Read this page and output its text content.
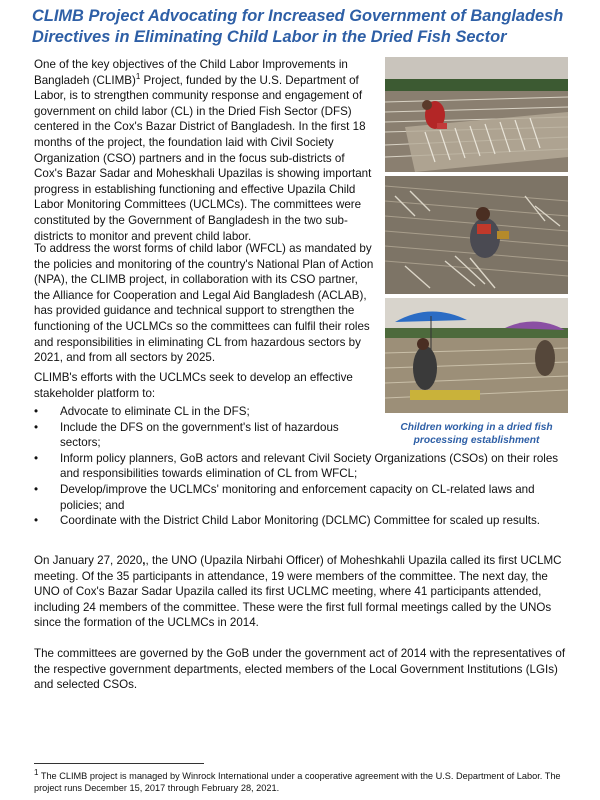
CLIMB Project Advocating for Increased Government of Bangladesh Directives in Eliminating Child Labor in the Dried Fish Sector

One of the key objectives of the Child Labor Improvements in Bangladeh (CLIMB)$^1$ Project, funded by the U.S. Department of Labor, is to strengthen community response and engagement of government on child labor (CL) in the Dried Fish Sector (DFS) centered in the Cox's Bazar District of Bangladesh. In the first 18 months of the project, the foundation laid with Civil Society Organization (CSO) partners and in the focus sub-districts of Cox's Bazar Sadar and Moheskhali Upazilas is showing important progress in establishing functioning and effective Upazila Child Labor Monitoring Committees (UCLMCs). The committees were constituted by the Government of Bangladesh in the two sub-districts to monitor and prevent child labor.

To address the worst forms of child labor (WFCL) as mandated by the policies and monitoring of the country's National Plan of Action (NPA), the CLIMB project, in collaboration with its CSO partner, the Alliance for Cooperation and Legal Aid Bangladesh (ACLAB), has provided guidance and technical support to strengthen the functioning of the UCLMCs so the committees can fulfil their roles and responsibilities in eliminating CL from hazardous sectors by 2021, and from all sectors by 2025.

CLIMB's efforts with the UCLMCs seek to develop an effective stakeholder platform to:

• Advocate to eliminate CL in the DFS;
• Include the DFS on the government's list of hazardous sectors;
• Inform policy planners, GoB actors and relevant Civil Society Organizations (CSOs) on their roles and responsibilities towards elimination of CL from WFCL;
• Develop/improve the UCLMCs' monitoring and enforcement capacity on CL-related laws and policies; and
• Coordinate with the District Child Labor Monitoring (DCLMC) Committee for scaled up results.

On January 27, 2020,, the UNO (Upazila Nirbahi Officer) of Moheshkahli Upazila called its first UCLMC meeting. Of the 35 participants in attendance, 19 were members of the committee. The next day, the UNO of Cox's Bazar Sadar Upazila called its first UCLMC meeting, where 41 participants attended, including 24 members of the committee. These were the first full formal meetings called by the UNOs since the formation of the UCLMCs in 2014.

The committees are governed by the GoB under the government act of 2014 with the representatives of the respective government departments, elected members of the Local Government Institutions (LGIs) and selected CSOs.

Children working in a dried fish processing establishment

$^1$ The CLIMB project is managed by Winrock International under a cooperative agreement with the U.S. Department of Labor. The project runs December 15, 2017 through February 28, 2021.
